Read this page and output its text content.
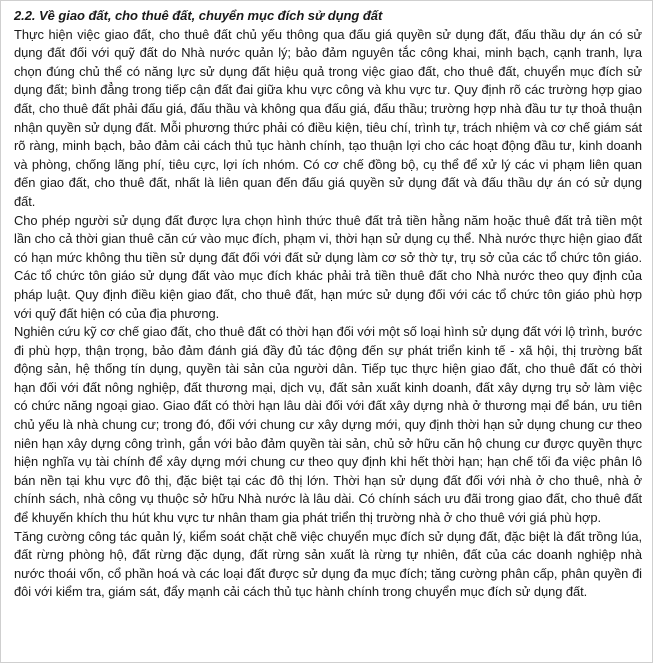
2.2. Về giao đất, cho thuê đất, chuyển mục đích sử dụng đất

Thực hiện việc giao đất, cho thuê đất chủ yếu thông qua đấu giá quyền sử dụng đất, đấu thầu dự án có sử dụng đất đối với quỹ đất do Nhà nước quản lý; bảo đảm nguyên tắc công khai, minh bạch, cạnh tranh, lựa chọn đúng chủ thể có năng lực sử dụng đất hiệu quả trong việc giao đất, cho thuê đất, chuyển mục đích sử dụng đất; bình đẳng trong tiếp cận đất đai giữa khu vực công và khu vực tư. Quy định rõ các trường hợp giao đất, cho thuê đất phải đấu giá, đấu thầu và không qua đấu giá, đấu thầu; trường hợp nhà đầu tư tự thoả thuận nhận quyền sử dụng đất. Mỗi phương thức phải có điều kiện, tiêu chí, trình tự, trách nhiệm và cơ chế giám sát rõ ràng, minh bạch, bảo đảm cải cách thủ tục hành chính, tạo thuận lợi cho các hoạt động đầu tư, kinh doanh và phòng, chống lãng phí, tiêu cực, lợi ích nhóm. Có cơ chế đồng bộ, cụ thể để xử lý các vi phạm liên quan đến giao đất, cho thuê đất, nhất là liên quan đến đấu giá quyền sử dụng đất và đấu thầu dự án có sử dụng đất.

Cho phép người sử dụng đất được lựa chọn hình thức thuê đất trả tiền hằng năm hoặc thuê đất trả tiền một lần cho cả thời gian thuê căn cứ vào mục đích, phạm vi, thời hạn sử dụng cụ thể. Nhà nước thực hiện giao đất có hạn mức không thu tiền sử dụng đất đối với đất sử dụng làm cơ sở thờ tự, trụ sở của các tổ chức tôn giáo. Các tổ chức tôn giáo sử dụng đất vào mục đích khác phải trả tiền thuê đất cho Nhà nước theo quy định của pháp luật. Quy định điều kiện giao đất, cho thuê đất, hạn mức sử dụng đối với các tổ chức tôn giáo phù hợp với quỹ đất hiện có của địa phương.

Nghiên cứu kỹ cơ chế giao đất, cho thuê đất có thời hạn đối với một số loại hình sử dụng đất với lộ trình, bước đi phù hợp, thận trọng, bảo đảm đánh giá đầy đủ tác động đến sự phát triển kinh tế - xã hội, thị trường bất động sản, hệ thống tín dụng, quyền tài sản của người dân. Tiếp tục thực hiện giao đất, cho thuê đất có thời hạn đối với đất nông nghiệp, đất thương mại, dịch vụ, đất sản xuất kinh doanh, đất xây dựng trụ sở làm việc có chức năng ngoại giao. Giao đất có thời hạn lâu dài đối với đất xây dựng nhà ở thương mại để bán, ưu tiên chủ yếu là nhà chung cư; trong đó, đối với chung cư xây dựng mới, quy định thời hạn sử dụng chung cư theo niên hạn xây dựng công trình, gắn với bảo đảm quyền tài sản, chủ sở hữu căn hộ chung cư được quyền thực hiện nghĩa vụ tài chính để xây dựng mới chung cư theo quy định khi hết thời hạn; hạn chế tối đa việc phân lô bán nền tại khu vực đô thị, đặc biệt tại các đô thị lớn. Thời hạn sử dụng đất đối với nhà ở cho thuê, nhà ở chính sách, nhà công vụ thuộc sở hữu Nhà nước là lâu dài. Có chính sách ưu đãi trong giao đất, cho thuê đất để khuyến khích thu hút khu vực tư nhân tham gia phát triển thị trường nhà ở cho thuê với giá phù hợp.

Tăng cường công tác quản lý, kiểm soát chặt chẽ việc chuyển mục đích sử dụng đất, đặc biệt là đất trồng lúa, đất rừng phòng hộ, đất rừng đặc dụng, đất rừng sản xuất là rừng tự nhiên, đất của các doanh nghiệp nhà nước thoái vốn, cổ phần hoá và các loại đất được sử dụng đa mục đích; tăng cường phân cấp, phân quyền đi đôi với kiểm tra, giám sát, đẩy mạnh cải cách thủ tục hành chính trong chuyển mục đích sử dụng đất.
